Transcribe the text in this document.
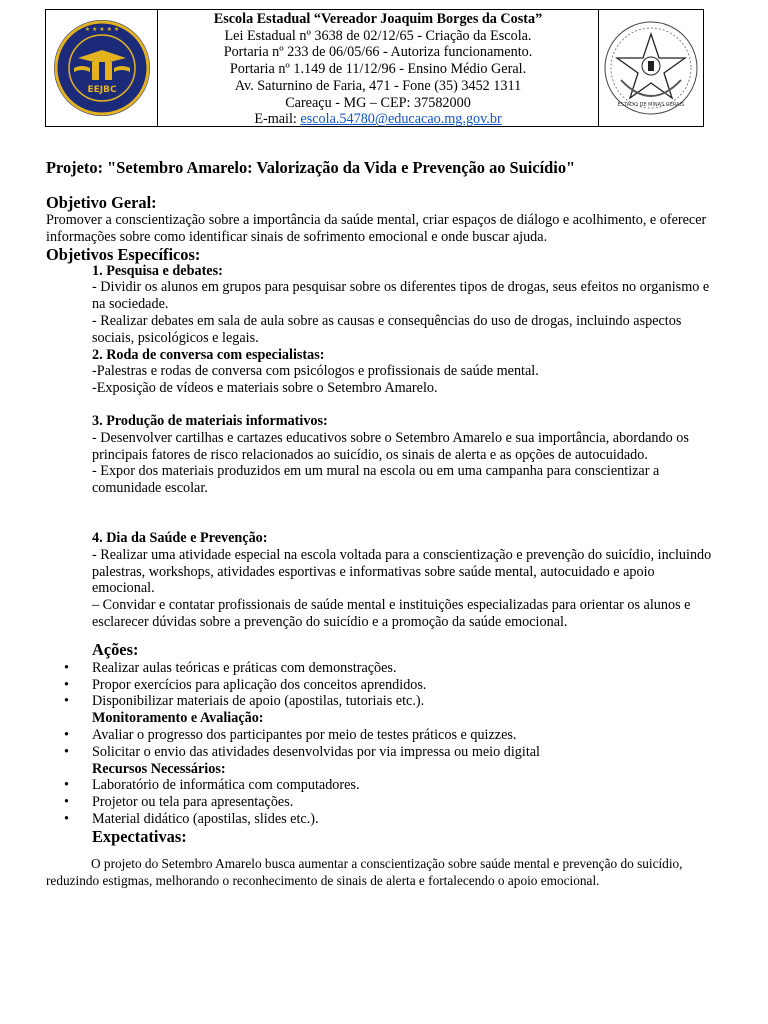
★ ★ ★ ★ ★
EEJBC
Escola Estadual “Vereador Joaquim Borges da Costa”
Lei Estadual nº 3638 de 02/12/65 - Criação da Escola.
Portaria nº 233 de 06/05/66 - Autoriza funcionamento.
Portaria nº 1.149 de 11/12/96 - Ensino Médio Geral.
Av. Saturnino de Faria, 471 - Fone (35) 3452 1311
Careaçu - MG – CEP: 37582000
E-mail: escola.54780@educacao.mg.gov.br
ESTADO DE MINAS GERAIS
Projeto: "Setembro Amarelo: Valorização da Vida e Prevenção ao Suicídio"
Objetivo Geral:

Promover a conscientização sobre a importância da saúde mental, criar espaços de diálogo e acolhimento, e oferecer informações sobre como identificar sinais de sofrimento emocional e onde buscar ajuda.

Objetivos Específicos:
1. Pesquisa e debates:
- Dividir os alunos em grupos para pesquisar sobre os diferentes tipos de drogas, seus efeitos no organismo e na sociedade.
- Realizar debates em sala de aula sobre as causas e consequências do uso de drogas, incluindo aspectos sociais, psicológicos e legais.
2. Roda de conversa com especialistas:
-Palestras e rodas de conversa com psicólogos e profissionais de saúde mental.
-Exposição de vídeos e materiais sobre o Setembro Amarelo.
3. Produção de materiais informativos:
- Desenvolver cartilhas e cartazes educativos sobre o Setembro Amarelo e sua importância, abordando os principais fatores de risco relacionados ao suicídio, os sinais de alerta e as opções de autocuidado.
- Expor dos materiais produzidos em um mural na escola ou em uma campanha para conscientizar a comunidade escolar.
4. Dia da Saúde e Prevenção:
- Realizar uma atividade especial na escola voltada para a conscientização e prevenção do suicídio, incluindo palestras, workshops, atividades esportivas e informativas sobre saúde mental, autocuidado e apoio emocional.
– Convidar e contatar profissionais de saúde mental e instituições especializadas para orientar os alunos e esclarecer dúvidas sobre a prevenção do suicídio e a promoção da saúde emocional.
Ações:
• Realizar aulas teóricas e práticas com demonstrações.
• Propor exercícios para aplicação dos conceitos aprendidos.
• Disponibilizar materiais de apoio (apostilas, tutoriais etc.).
Monitoramento e Avaliação:
• Avaliar o progresso dos participantes por meio de testes práticos e quizzes.
• Solicitar o envio das atividades desenvolvidas por via impressa ou meio digital
Recursos Necessários:
• Laboratório de informática com computadores.
• Projetor ou tela para apresentações.
• Material didático (apostilas, slides etc.).
Expectativas:

O projeto do Setembro Amarelo busca aumentar a conscientização sobre saúde mental e prevenção do suicídio, reduzindo estigmas, melhorando o reconhecimento de sinais de alerta e fortalecendo o apoio emocional.
